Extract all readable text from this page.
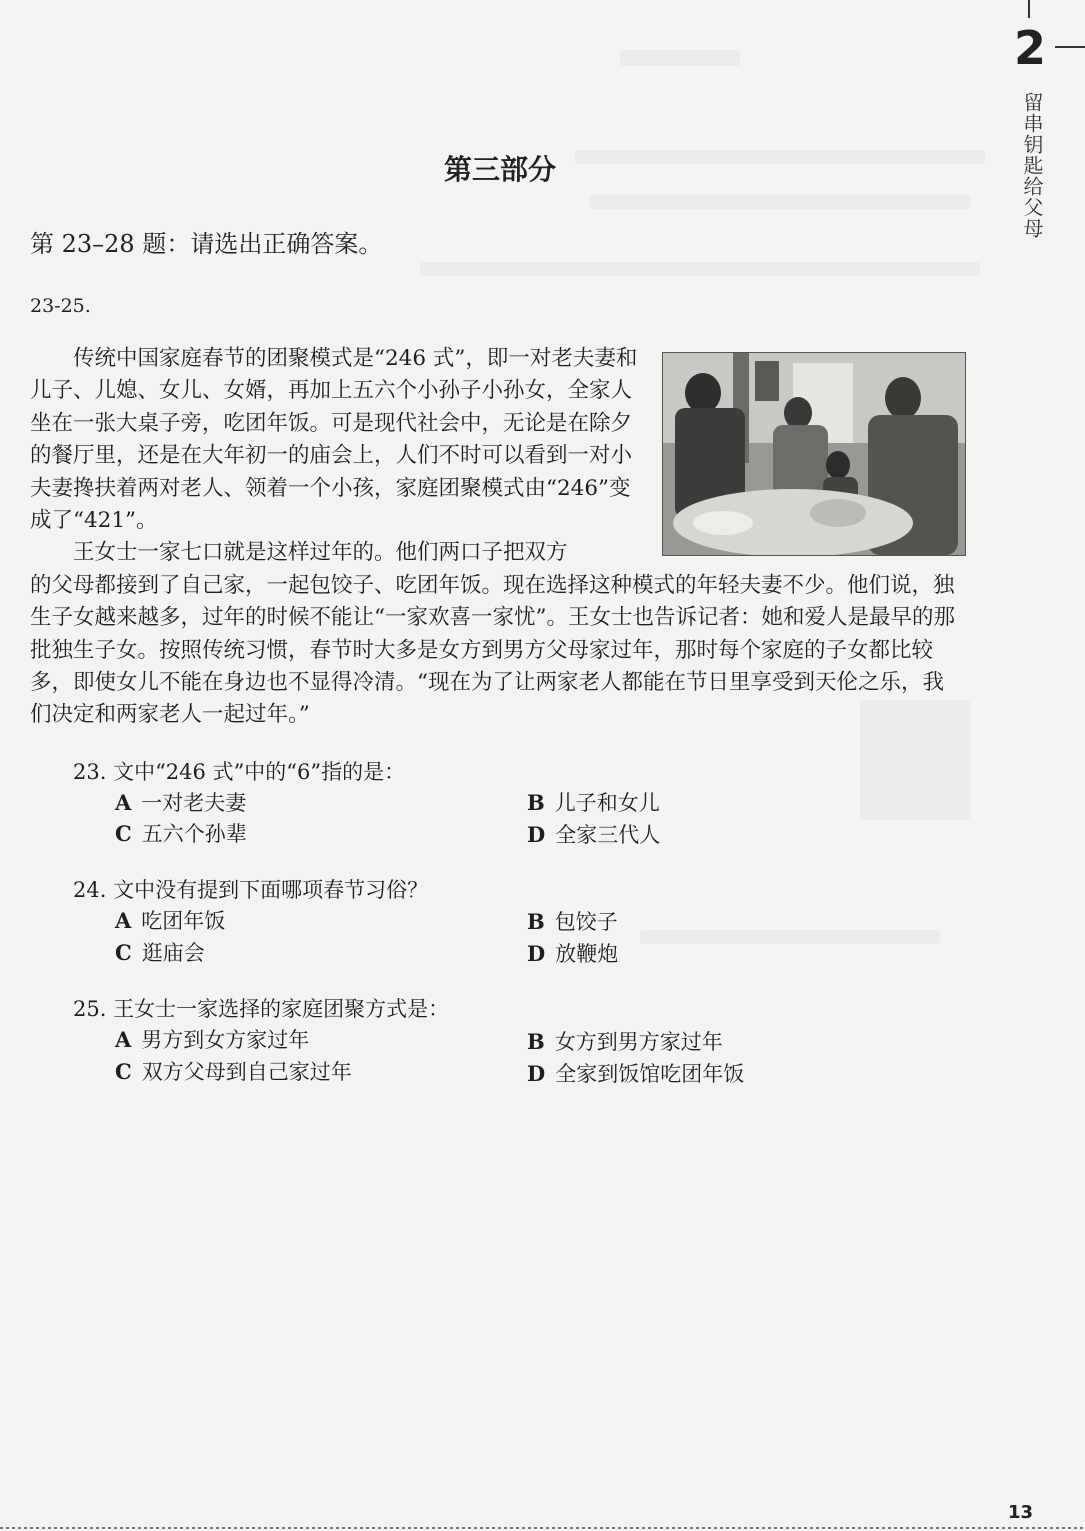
2
留串钥匙给父母
第三部分
第 23–28 题：请选出正确答案。
23-25.

传统中国家庭春节的团聚模式是“246 式”，即一对老夫妻和儿子、儿媳、女儿、女婿，再加上五六个小孙子小孙女，全家人坐在一张大桌子旁，吃团年饭。可是现代社会中，无论是在除夕的餐厅里，还是在大年初一的庙会上，人们不时可以看到一对小夫妻搀扶着两对老人、领着一个小孩，家庭团聚模式由“246”变成了“421”。

王女士一家七口就是这样过年的。他们两口子把双方

的父母都接到了自己家，一起包饺子、吃团年饭。现在选择这种模式的年轻夫妻不少。他们说，独生子女越来越多，过年的时候不能让“一家欢喜一家忧”。王女士也告诉记者：她和爱人是最早的那批独生子女。按照传统习惯，春节时大多是女方到男方父母家过年，那时每个家庭的子女都比较多，即使女儿不能在身边也不显得冷清。“现在为了让两家老人都能在节日里享受到天伦之乐，我们决定和两家老人一起过年。”

23. 文中“246 式”中的“6”指的是：

A 一对老夫妻	B 儿子和女儿
C 五六个孙辈	D 全家三代人

24. 文中没有提到下面哪项春节习俗？

A 吃团年饭	B 包饺子
C 逛庙会	D 放鞭炮

25. 王女士一家选择的家庭团聚方式是：

A 男方到女方家过年	B 女方到男方家过年
C 双方父母到自己家过年	D 全家到饭馆吃团年饭
13
